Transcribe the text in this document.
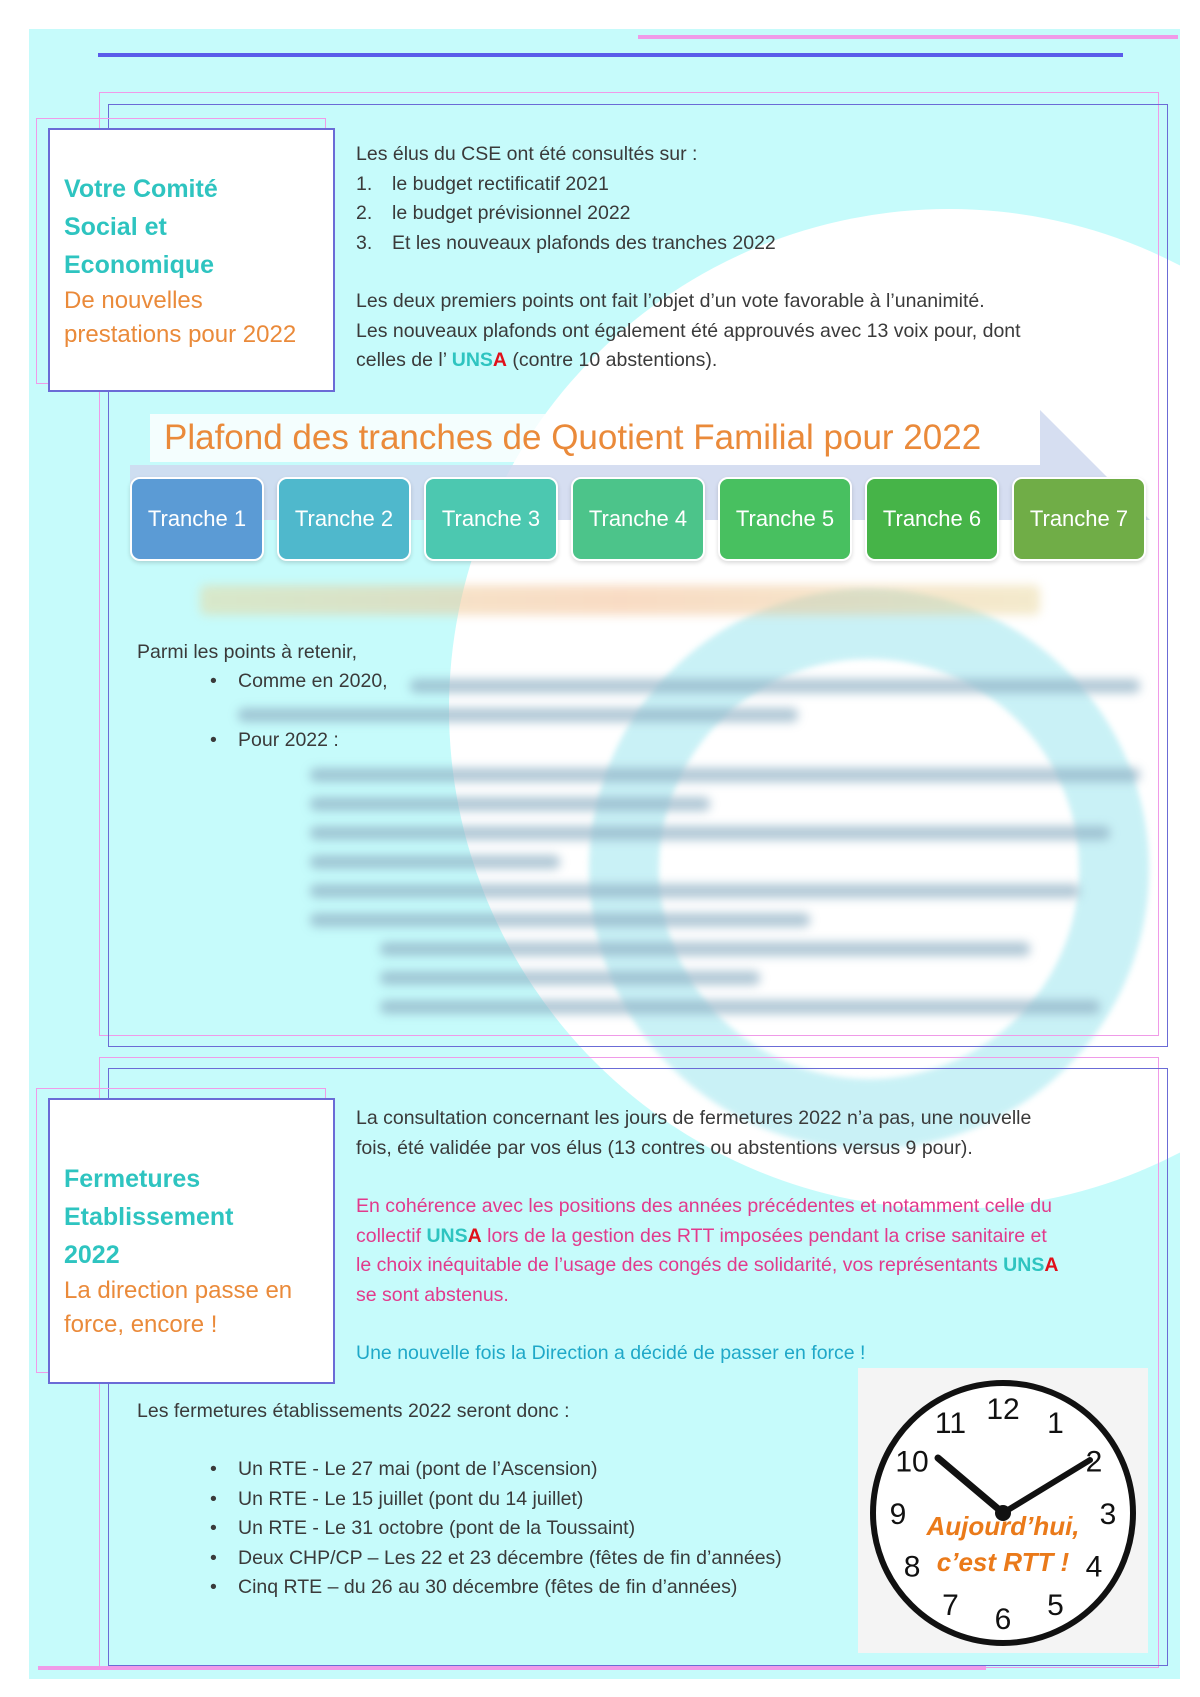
Votre Comité
Social et
Economique
De nouvelles
prestations pour 2022
Les élus du CSE ont été consultés sur :
1. le budget rectificatif 2021
2. le budget prévisionnel 2022
3. Et les nouveaux plafonds des tranches 2022
Les deux premiers points ont fait l’objet d’un vote favorable à l’unanimité.
Les nouveaux plafonds ont également été approuvés avec 13 voix pour, dont
celles de l’ UNSA (contre 10 abstentions).
Plafond des tranches de Quotient Familial pour 2022
Tranche 1	Tranche 2	Tranche 3	Tranche 4	Tranche 5	Tranche 6	Tranche 7
Parmi les points à retenir,
• Comme en 2020,
• Pour 2022 :
Fermetures
Etablissement
2022
La direction passe en
force, encore !
La consultation concernant les jours de fermetures 2022 n’a pas, une nouvelle
fois, été validée par vos élus (13 contres ou abstentions versus 9 pour).
En cohérence avec les positions des années précédentes et notamment celle du
collectif UNSA lors de la gestion des RTT imposées pendant la crise sanitaire et
le choix inéquitable de l’usage des congés de solidarité, vos représentants UNSA
se sont abstenus.
Une nouvelle fois la Direction a décidé de passer en force !
Les fermetures établissements 2022 seront donc :
• Un RTE - Le 27 mai (pont de l’Ascension)
• Un RTE - Le 15 juillet (pont du 14 juillet)
• Un RTE - Le 31 octobre (pont de la Toussaint)
• Deux CHP/CP – Les 22 et 23 décembre (fêtes de fin d’années)
• Cinq RTE – du 26 au 30 décembre (fêtes de fin d’années)
11
10
9
8
7 6 5
4
3
2
1
12
Aujourd’hui,
c’est RTT !
